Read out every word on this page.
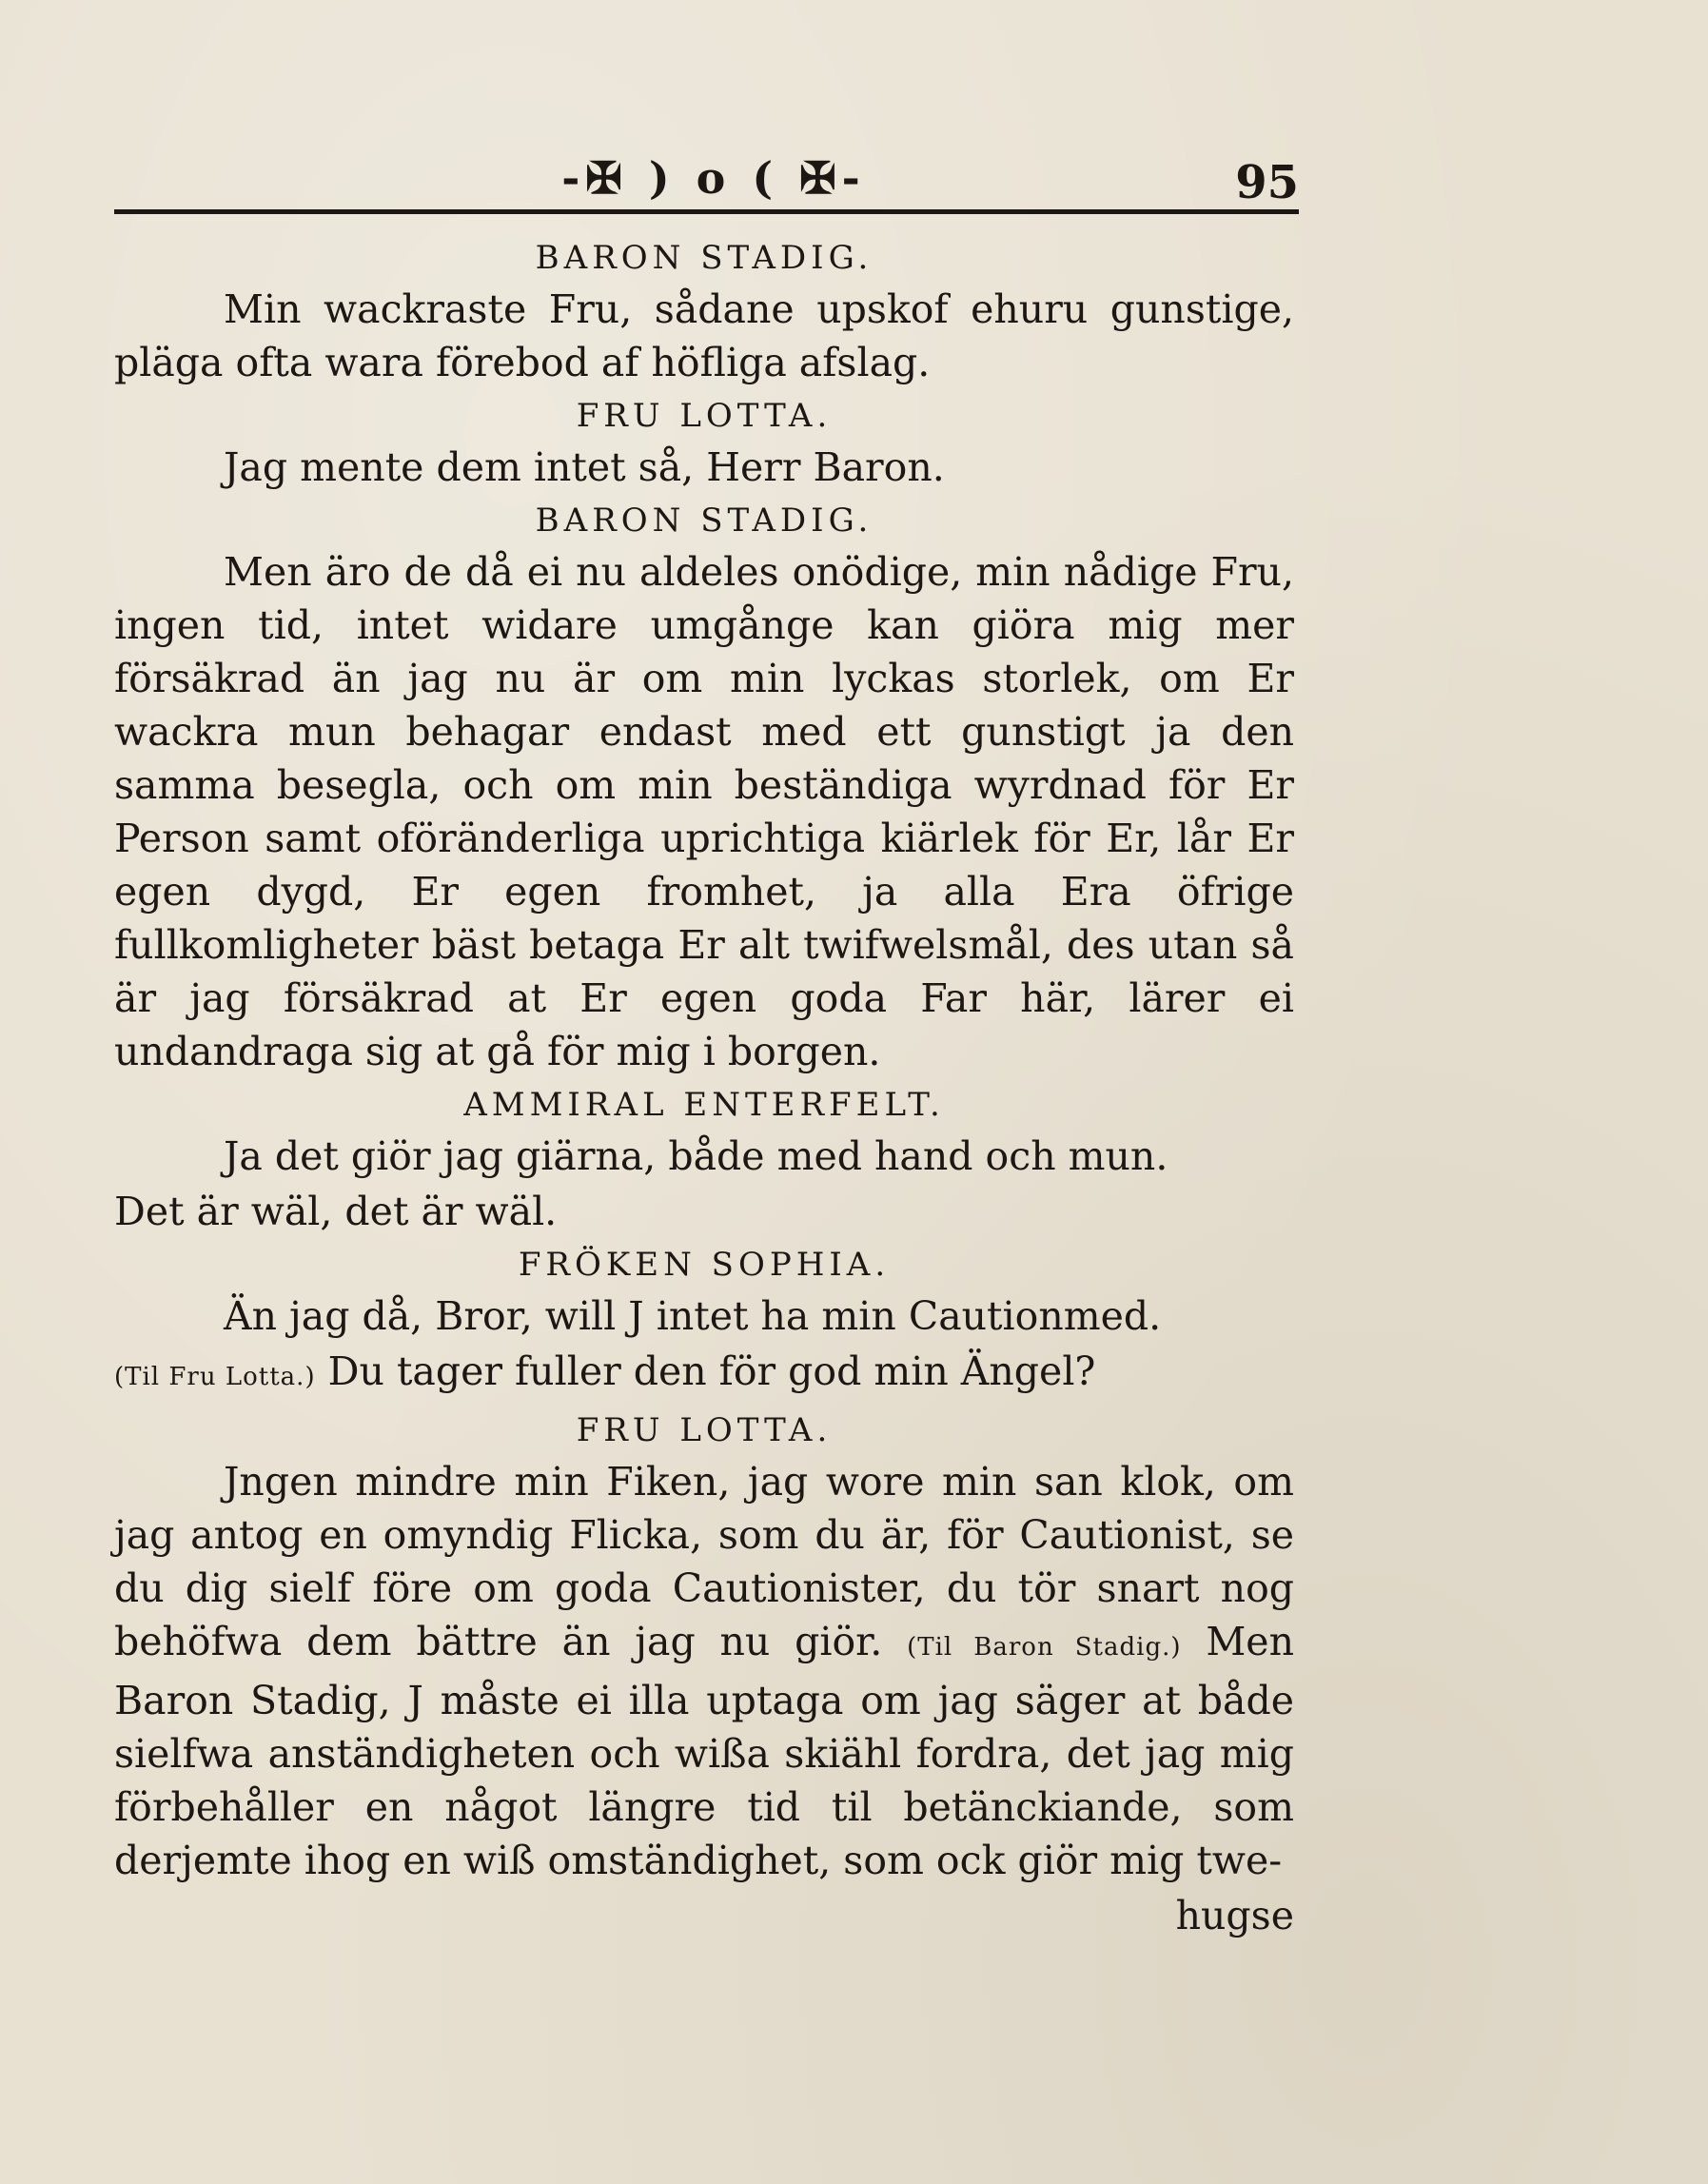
-✠ ) o ( ✠-	95

BARON STADIG.

Min wackraste Fru, sådane upskof ehuru gunstige, pläga ofta wara förebod af höfliga afslag.

FRU LOTTA.

Jag mente dem intet så, Herr Baron.

BARON STADIG.

Men äro de då ei nu aldeles onödige, min nådige Fru, ingen tid, intet widare umgånge kan giöra mig mer försäkrad än jag nu är om min lyckas storlek, om Er wackra mun behagar endast med ett gunstigt ja den samma besegla, och om min beständiga wyrdnad för Er Person samt oföränderliga uprichtiga kiärlek för Er, lår Er egen dygd, Er egen fromhet, ja alla Era öfrige fullkomligheter bäst betaga Er alt twifwelsmål, des utan så är jag försäkrad at Er egen goda Far här, lärer ei undandraga sig at gå för mig i borgen.

AMMIRAL ENTERFELT.

Ja det giör jag giärna, både med hand och mun.

Det är wäl, det är wäl.

FRÖKEN SOPHIA.

Än jag då, Bror, will J intet ha min Cautionmed.

(Til Fru Lotta.) Du tager fuller den för god min Ängel?

FRU LOTTA.

Jngen mindre min Fiken, jag wore min san klok, om jag antog en omyndig Flicka, som du är, för Cautionist, se du dig sielf före om goda Cautionister, du tör snart nog behöfwa dem bättre än jag nu giör. (Til Baron Stadig.) Men Baron Stadig, J måste ei illa uptaga om jag säger at både sielfwa anständigheten och wißa skiähl fordra, det jag mig förbehåller en något längre tid til betänckiande, som derjemte ihog en wiß omständighet, som ock giör mig twe-

hugse
